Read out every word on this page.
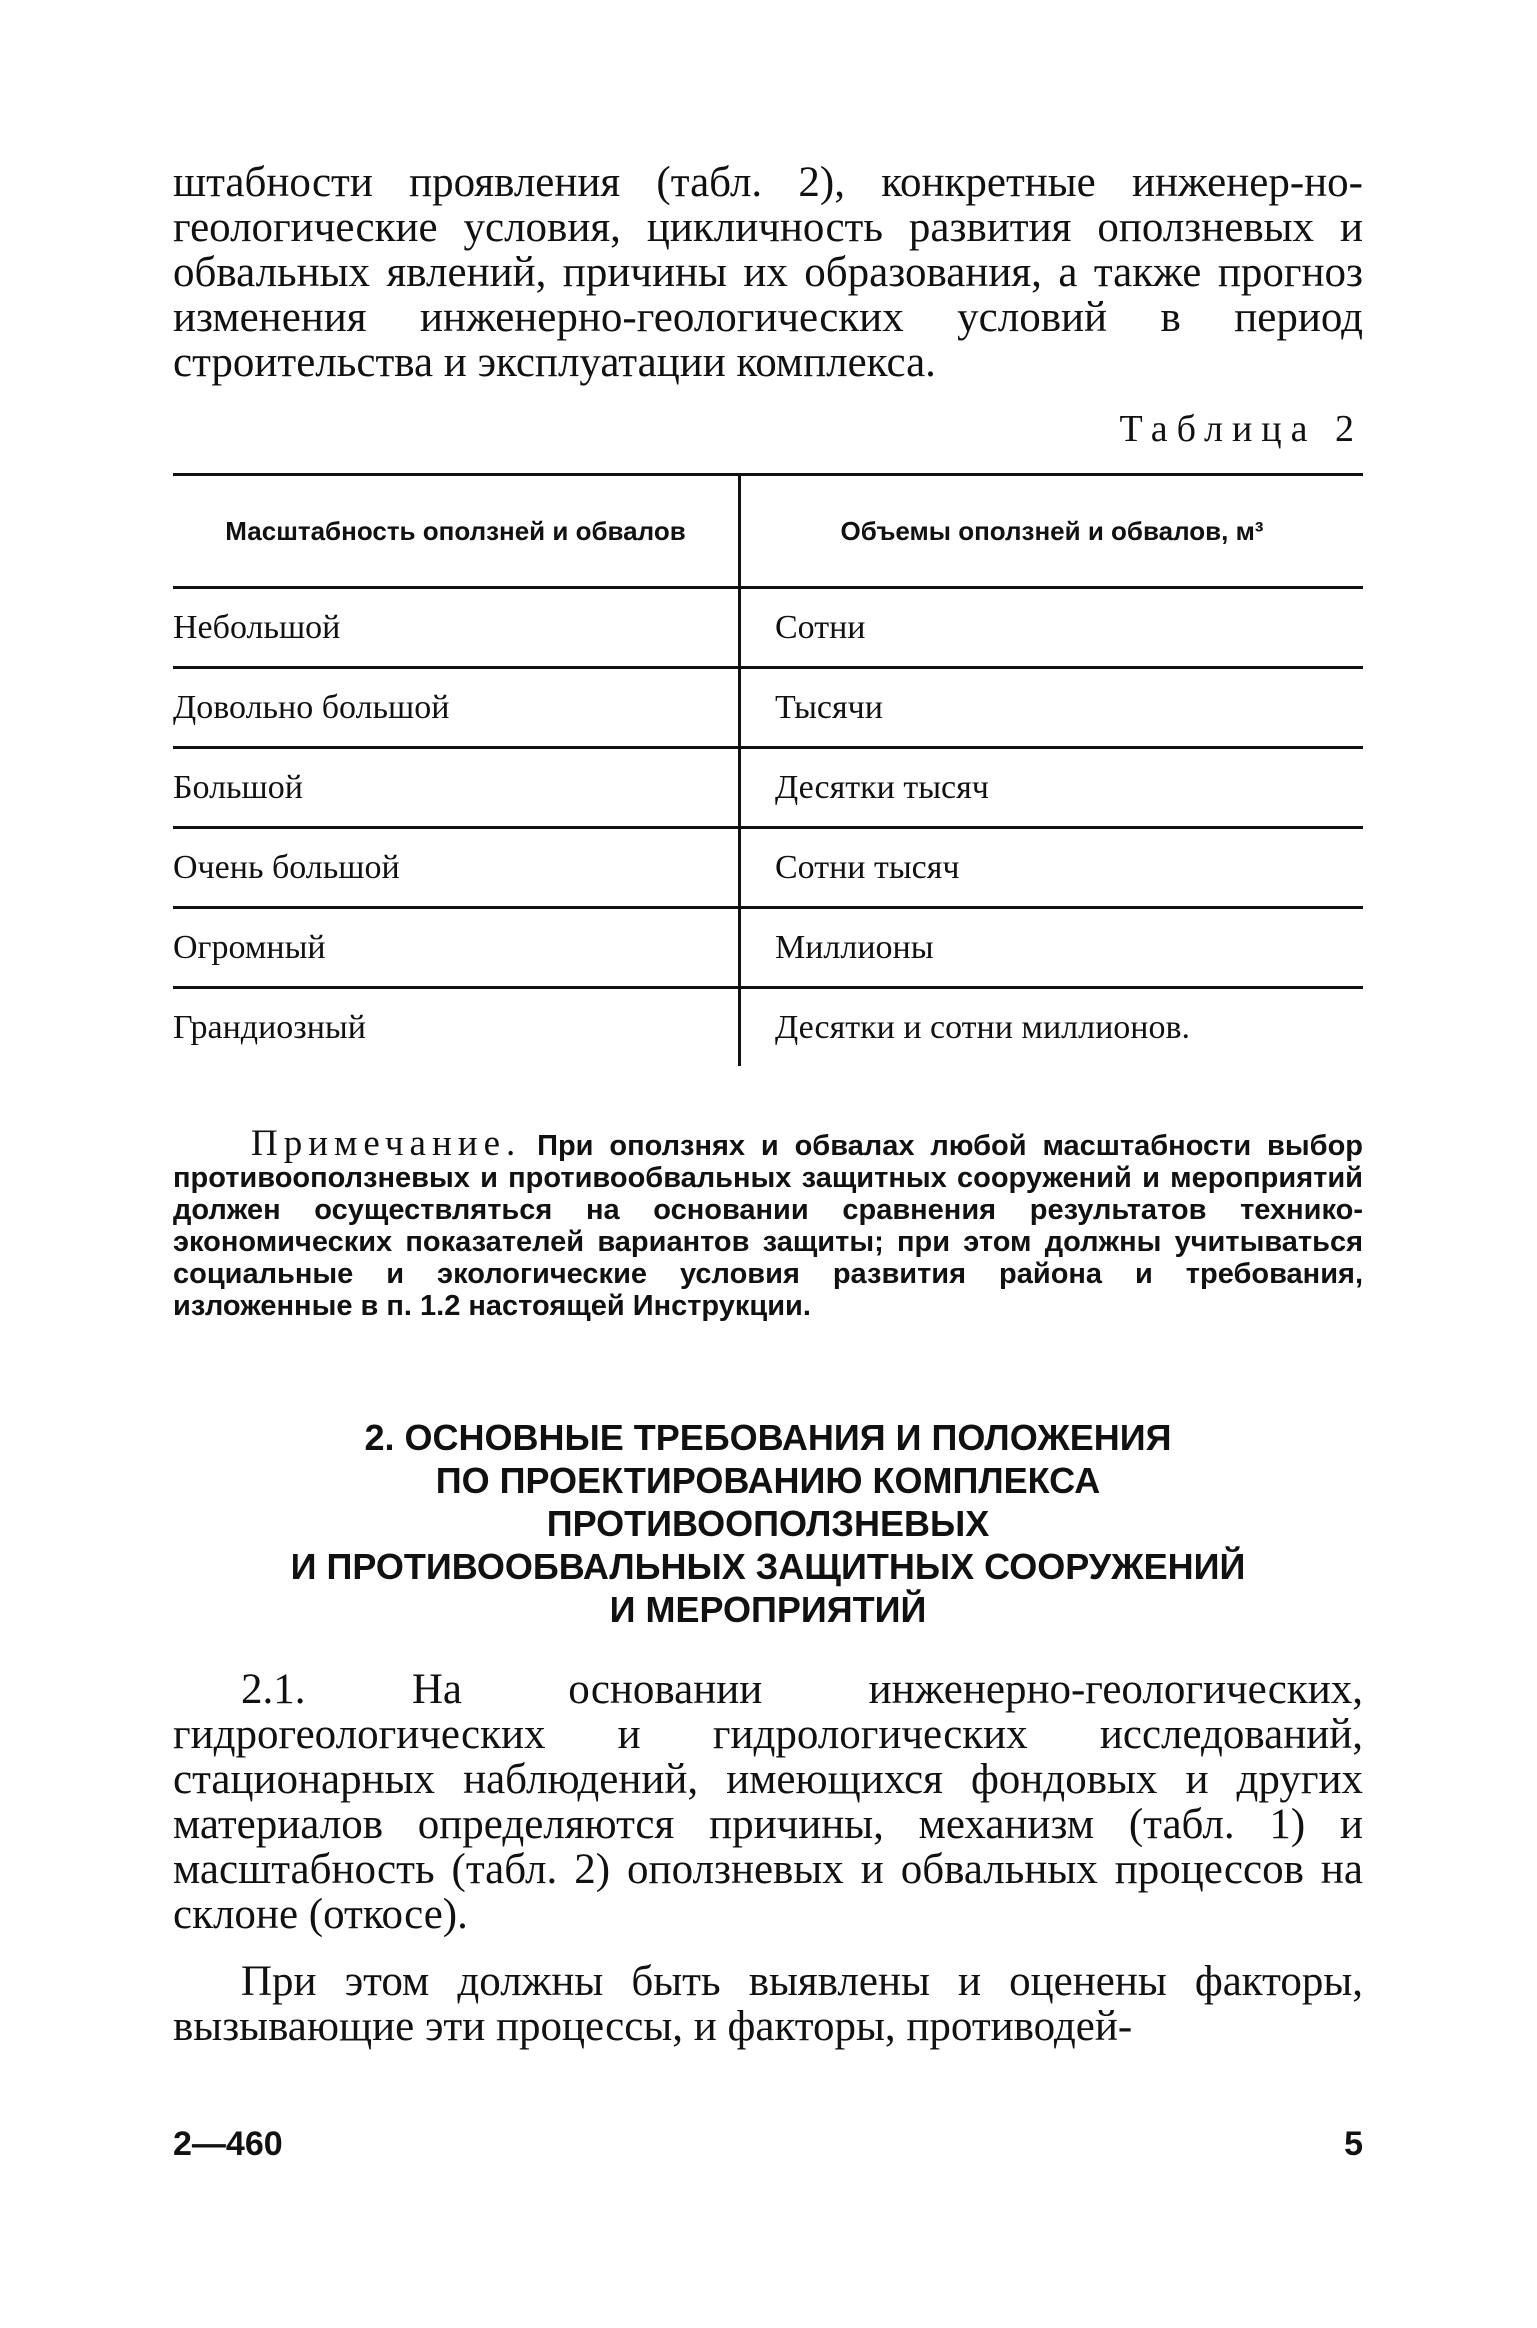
штабности проявления (табл. 2), конкретные инженер-но-геологические условия, цикличность развития оползневых и обвальных явлений, причины их образования, а также прогноз изменения инженерно-геологических условий в период строительства и эксплуатации комплекса.

Таблица 2
Масштабность оползней и обвалов	Объемы оползней и обвалов, м³
Небольшой	Сотни
Довольно большой	Тысячи
Большой	Десятки тысяч
Очень большой	Сотни тысяч
Огромный	Миллионы
Грандиозный	Десятки и сотни миллионов.

Примечание. При оползнях и обвалах любой масштабности выбор противооползневых и противообвальных защитных сооружений и мероприятий должен осуществляться на основании сравнения результатов технико-экономических показателей вариантов защиты; при этом должны учитываться социальные и экологические условия развития района и требования, изложенные в п. 1.2 настоящей Инструкции.

2. ОСНОВНЫЕ ТРЕБОВАНИЯ И ПОЛОЖЕНИЯ
ПО ПРОЕКТИРОВАНИЮ КОМПЛЕКСА
ПРОТИВООПОЛЗНЕВЫХ
И ПРОТИВООБВАЛЬНЫХ ЗАЩИТНЫХ СООРУЖЕНИЙ
И МЕРОПРИЯТИЙ

2.1. На основании инженерно-геологических, гидрогеологических и гидрологических исследований, стационарных наблюдений, имеющихся фондовых и других материалов определяются причины, механизм (табл. 1) и масштабность (табл. 2) оползневых и обвальных процессов на склоне (откосе).

При этом должны быть выявлены и оценены факторы, вызывающие эти процессы, и факторы, противодей-

2—460	5
